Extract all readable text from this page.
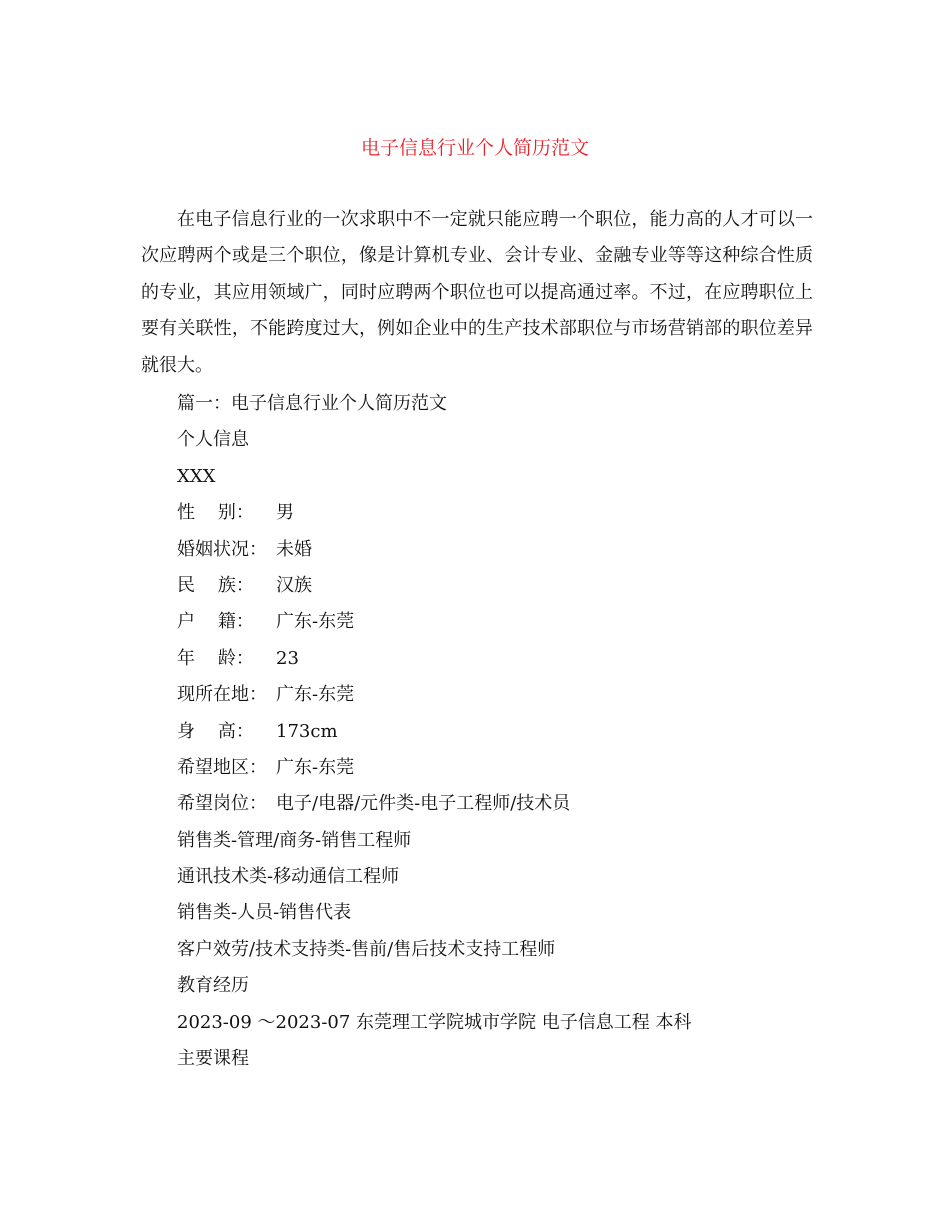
电子信息行业个人简历范文

在电子信息行业的一次求职中不一定就只能应聘一个职位，能力高的人才可以一次应聘两个或是三个职位，像是计算机专业、会计专业、金融专业等等这种综合性质的专业，其应用领域广，同时应聘两个职位也可以提高通过率。不过，在应聘职位上要有关联性，不能跨度过大，例如企业中的生产技术部职位与市场营销部的职位差异就很大。

篇一：电子信息行业个人简历范文
个人信息
XXX
性    别： 男
婚姻状况： 未婚
民    族： 汉族
户    籍： 广东-东莞
年    龄： 23
现所在地： 广东-东莞
身    高： 173cm
希望地区： 广东-东莞
希望岗位： 电子/电器/元件类-电子工程师/技术员
销售类-管理/商务-销售工程师
通讯技术类-移动通信工程师
销售类-人员-销售代表
客户效劳/技术支持类-售前/售后技术支持工程师
教育经历
2023-09 ～2023-07 东莞理工学院城市学院 电子信息工程 本科
主要课程
